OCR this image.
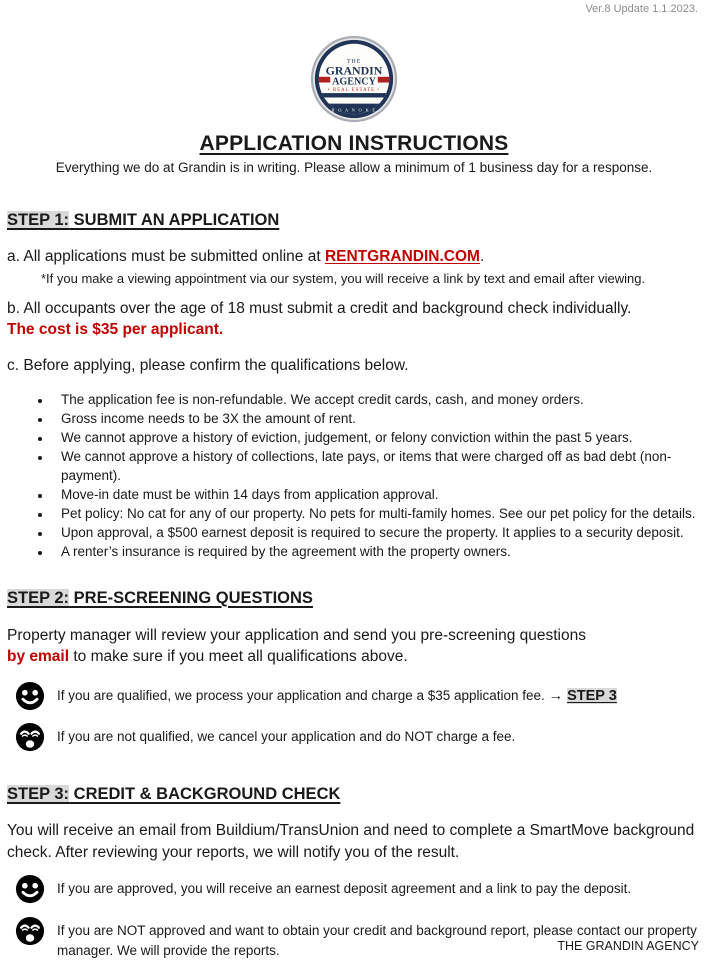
Ver.8 Update 1.1.2023.
THE
GRANDIN
AGENCY
• REAL ESTATE •
· · ·
R O A N O K E
APPLICATION INSTRUCTIONS
Everything we do at Grandin is in writing. Please allow a minimum of 1 business day for a response.
STEP 1: SUBMIT AN APPLICATION
a. All applications must be submitted online at RENTGRANDIN.COM.
*If you make a viewing appointment via our system, you will receive a link by text and email after viewing.
b. All occupants over the age of 18 must submit a credit and background check individually.
The cost is $35 per applicant.
c. Before applying, please confirm the qualifications below.
• The application fee is non-refundable. We accept credit cards, cash, and money orders.
• Gross income needs to be 3X the amount of rent.
• We cannot approve a history of eviction, judgement, or felony conviction within the past 5 years.
• We cannot approve a history of collections, late pays, or items that were charged off as bad debt (non-payment).
• Move-in date must be within 14 days from application approval.
• Pet policy: No cat for any of our property. No pets for multi-family homes. See our pet policy for the details.
• Upon approval, a $500 earnest deposit is required to secure the property. It applies to a security deposit.
• A renter’s insurance is required by the agreement with the property owners.
STEP 2: PRE-SCREENING QUESTIONS
Property manager will review your application and send you pre-screening questions
by email to make sure if you meet all qualifications above.
If you are qualified, we process your application and charge a $35 application fee. → STEP 3
If you are not qualified, we cancel your application and do NOT charge a fee.
STEP 3: CREDIT & BACKGROUND CHECK
You will receive an email from Buildium/TransUnion and need to complete a SmartMove background check. After reviewing your reports, we will notify you of the result.
If you are approved, you will receive an earnest deposit agreement and a link to pay the deposit.
If you are NOT approved and want to obtain your credit and background report, please contact our property manager. We will provide the reports.	THE GRANDIN AGENCY
